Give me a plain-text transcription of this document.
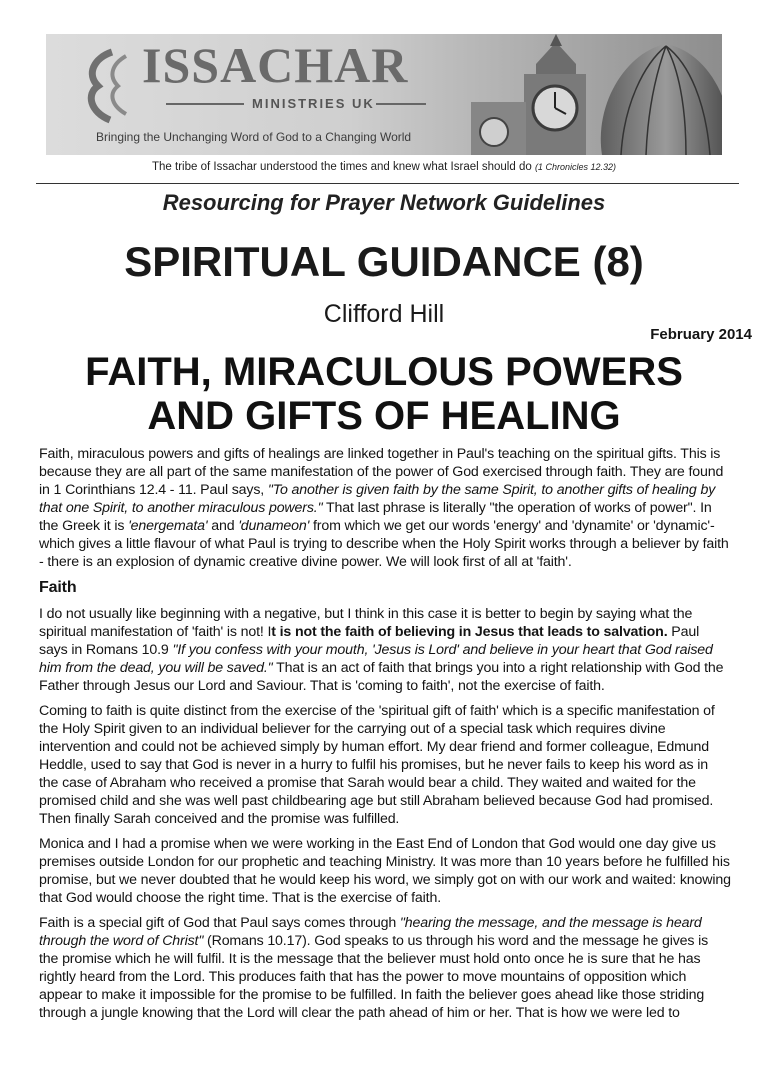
ISSACHAR
MINISTRIES UK
Bringing the Unchanging Word of God to a Changing World
The tribe of Issachar understood the times and knew what Israel should do (1 Chronicles 12.32)
Resourcing for Prayer Network Guidelines
SPIRITUAL GUIDANCE (8)
Clifford Hill
February 2014
FAITH, MIRACULOUS POWERS
AND GIFTS OF HEALING

Faith, miraculous powers and gifts of healings are linked together in Paul's teaching on the spiritual gifts. This is because they are all part of the same manifestation of the power of God exercised through faith. They are found in 1 Corinthians 12.4 - 11. Paul says, "To another is given faith by the same Spirit, to another gifts of healing by that one Spirit, to another miraculous powers." That last phrase is literally "the operation of works of power". In the Greek it is 'energemata' and 'dunameon' from which we get our words 'energy' and 'dynamite' or 'dynamic'- which gives a little flavour of what Paul is trying to describe when the Holy Spirit works through a believer by faith - there is an explosion of dynamic creative divine power. We will look first of all at 'faith'.

Faith

I do not usually like beginning with a negative, but I think in this case it is better to begin by saying what the spiritual manifestation of 'faith' is not! It is not the faith of believing in Jesus that leads to salvation. Paul says in Romans 10.9 "If you confess with your mouth, 'Jesus is Lord' and believe in your heart that God raised him from the dead, you will be saved." That is an act of faith that brings you into a right relationship with God the Father through Jesus our Lord and Saviour. That is 'coming to faith', not the exercise of faith.

Coming to faith is quite distinct from the exercise of the 'spiritual gift of faith' which is a specific manifestation of the Holy Spirit given to an individual believer for the carrying out of a special task which requires divine intervention and could not be achieved simply by human effort. My dear friend and former colleague, Edmund Heddle, used to say that God is never in a hurry to fulfil his promises, but he never fails to keep his word as in the case of Abraham who received a promise that Sarah would bear a child. They waited and waited for the promised child and she was well past childbearing age but still Abraham believed because God had promised. Then finally Sarah conceived and the promise was fulfilled.

Monica and I had a promise when we were working in the East End of London that God would one day give us premises outside London for our prophetic and teaching Ministry. It was more than 10 years before he fulfilled his promise, but we never doubted that he would keep his word, we simply got on with our work and waited: knowing that God would choose the right time. That is the exercise of faith.

Faith is a special gift of God that Paul says comes through "hearing the message, and the message is heard through the word of Christ" (Romans 10.17). God speaks to us through his word and the message he gives is the promise which he will fulfil. It is the message that the believer must hold onto once he is sure that he has rightly heard from the Lord. This produces faith that has the power to move mountains of opposition which appear to make it impossible for the promise to be fulfilled. In faith the believer goes ahead like those striding through a jungle knowing that the Lord will clear the path ahead of him or her. That is how we were led to
